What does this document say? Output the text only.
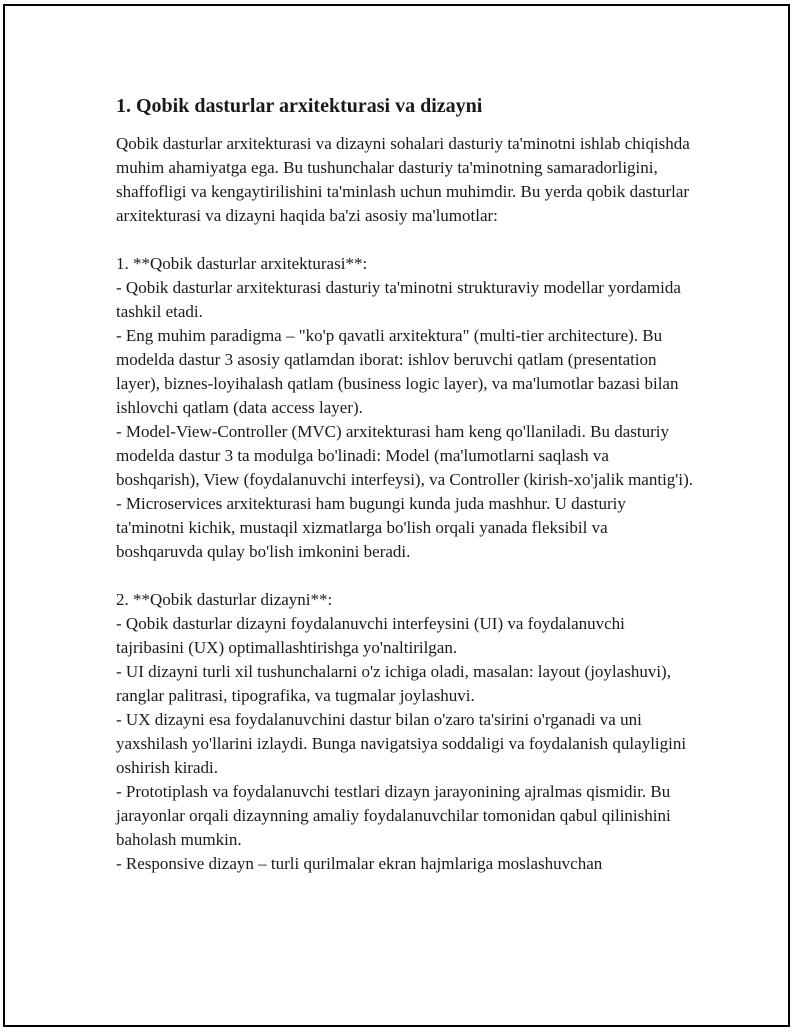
1. Qobik dasturlar arxitekturasi va dizayni

Qobik dasturlar arxitekturasi va dizayni sohalari dasturiy ta'minotni ishlab chiqishda muhim ahamiyatga ega. Bu tushunchalar dasturiy ta'minotning samaradorligini, shaffofligi va kengaytirilishini ta'minlash uchun muhimdir. Bu yerda qobik dasturlar arxitekturasi va dizayni haqida ba'zi asosiy ma'lumotlar:

1. **Qobik dasturlar arxitekturasi**:
- Qobik dasturlar arxitekturasi dasturiy ta'minotni strukturaviy modellar yordamida tashkil etadi.
- Eng muhim paradigma – "ko'p qavatli arxitektura" (multi-tier architecture). Bu modelda dastur 3 asosiy qatlamdan iborat: ishlov beruvchi qatlam (presentation layer), biznes-loyihalash qatlam (business logic layer), va ma'lumotlar bazasi bilan ishlovchi qatlam (data access layer).
- Model-View-Controller (MVC) arxitekturasi ham keng qo'llaniladi. Bu dasturiy modelda dastur 3 ta modulga bo'linadi: Model (ma'lumotlarni saqlash va boshqarish), View (foydalanuvchi interfeysi), va Controller (kirish-xo'jalik mantig'i).
- Microservices arxitekturasi ham bugungi kunda juda mashhur. U dasturiy ta'minotni kichik, mustaqil xizmatlarga bo'lish orqali yanada fleksibil va boshqaruvda qulay bo'lish imkonini beradi.

2. **Qobik dasturlar dizayni**:
- Qobik dasturlar dizayni foydalanuvchi interfeysini (UI) va foydalanuvchi tajribasini (UX) optimallashtirishga yo'naltirilgan.
- UI dizayni turli xil tushunchalarni o'z ichiga oladi, masalan: layout (joylashuvi), ranglar palitrasi, tipografika, va tugmalar joylashuvi.
- UX dizayni esa foydalanuvchini dastur bilan o'zaro ta'sirini o'rganadi va uni yaxshilash yo'llarini izlaydi. Bunga navigatsiya soddaligi va foydalanish qulayligini oshirish kiradi.
- Prototiplash va foydalanuvchi testlari dizayn jarayonining ajralmas qismidir. Bu jarayonlar orqali dizaynning amaliy foydalanuvchilar tomonidan qabul qilinishini baholash mumkin.
- Responsive dizayn – turli qurilmalar ekran hajmlariga moslashuvchan
